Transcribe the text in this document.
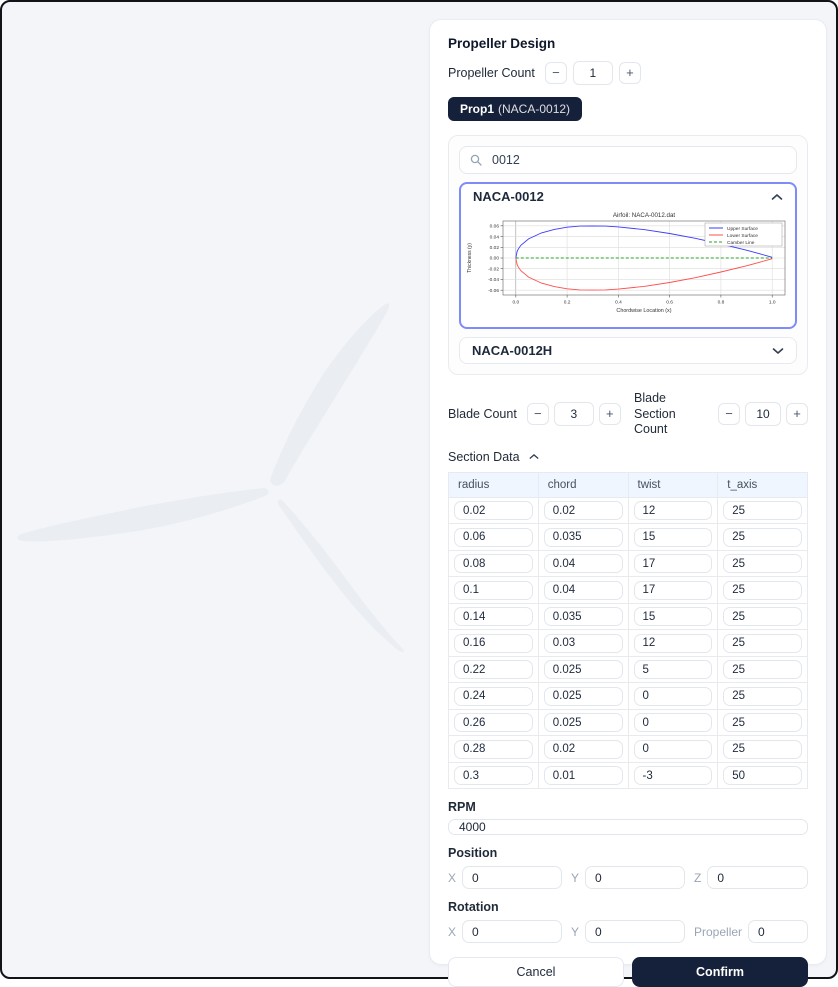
Propeller Design
Propeller Count	−
1	+
Prop1 (NACA-0012)
0012
NACA-0012
0.0	0.2	0.4	0.6	0.8	1.0
0.06
0.04
0.02
0.00
-0.02
-0.04
-0.06
Airfoil: NACA-0012.dat
Chordwise Location (x)
Thickness (y)
Upper Surface
Lower Surface
Camber Line
NACA-0012H
Blade Count	−
3	+
Blade Section Count
−
10	+
Section Data
radius	chord	twist	t_axis
0.02	0.02	12	25
0.06	0.035	15	25
0.08	0.04	17	25
0.1	0.04	17	25
0.14	0.035	15	25
0.16	0.03	12	25
0.22	0.025	5	25
0.24	0.025	0	25
0.26	0.025	0	25
0.28	0.02	0	25
0.3	0.01	-3	50
RPM
4000
Position
X
0	Y
0	Z
0
Rotation
X
0	Y
0	Propeller
0
Cancel	Confirm
